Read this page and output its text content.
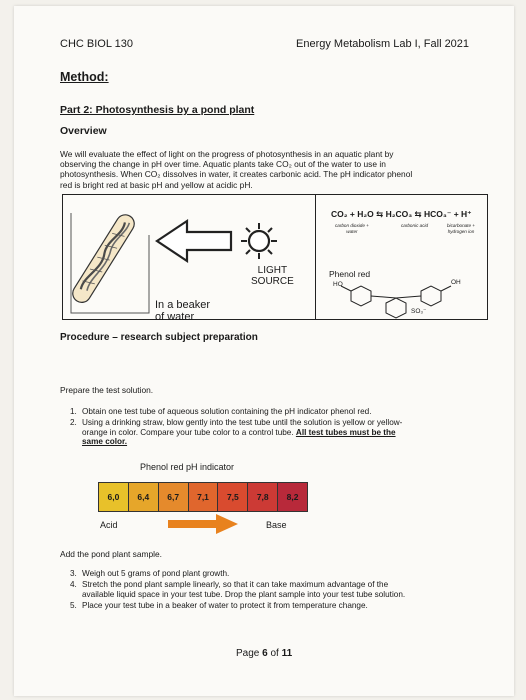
CHC BIOL 130	Energy Metabolism Lab I, Fall 2021
Method:
Part 2: Photosynthesis by a pond plant
Overview
We will evaluate the effect of light on the progress of photosynthesis in an aquatic plant by
observing the change in pH over time. Aquatic plants take CO₂ out of the water to use in
photosynthesis. When CO₂ dissolves in water, it creates carbonic acid. The pH indicator phenol
red is bright red at basic pH and yellow at acidic pH.
LIGHT
SOURCE
In a beaker
of water
CO₂ + H₂O ⇆ H₂CO₃ ⇆ HCO₃⁻ + H⁺
carbon dioxide +
water
carbonic acid	bicarbonate +
hydrogen ion
Phenol red
HO	OH
SO₃⁻
Procedure – research subject preparation
Prepare the test solution.
1. Obtain one test tube of aqueous solution containing the pH indicator phenol red.
2. Using a drinking straw, blow gently into the test tube until the solution is yellow or yellow-
orange in color. Compare your tube color to a control tube. All test tubes must be the
same color.
Phenol red pH indicator
6,0	6,4	6,7	7,1	7,5	7,8	8,2
Acid	Base
Add the pond plant sample.
3. Weigh out 5 grams of pond plant growth.
4. Stretch the pond plant sample linearly, so that it can take maximum advantage of the
available liquid space in your test tube. Drop the plant sample into your test tube solution.
5. Place your test tube in a beaker of water to protect it from temperature change.
Page 6 of 11
